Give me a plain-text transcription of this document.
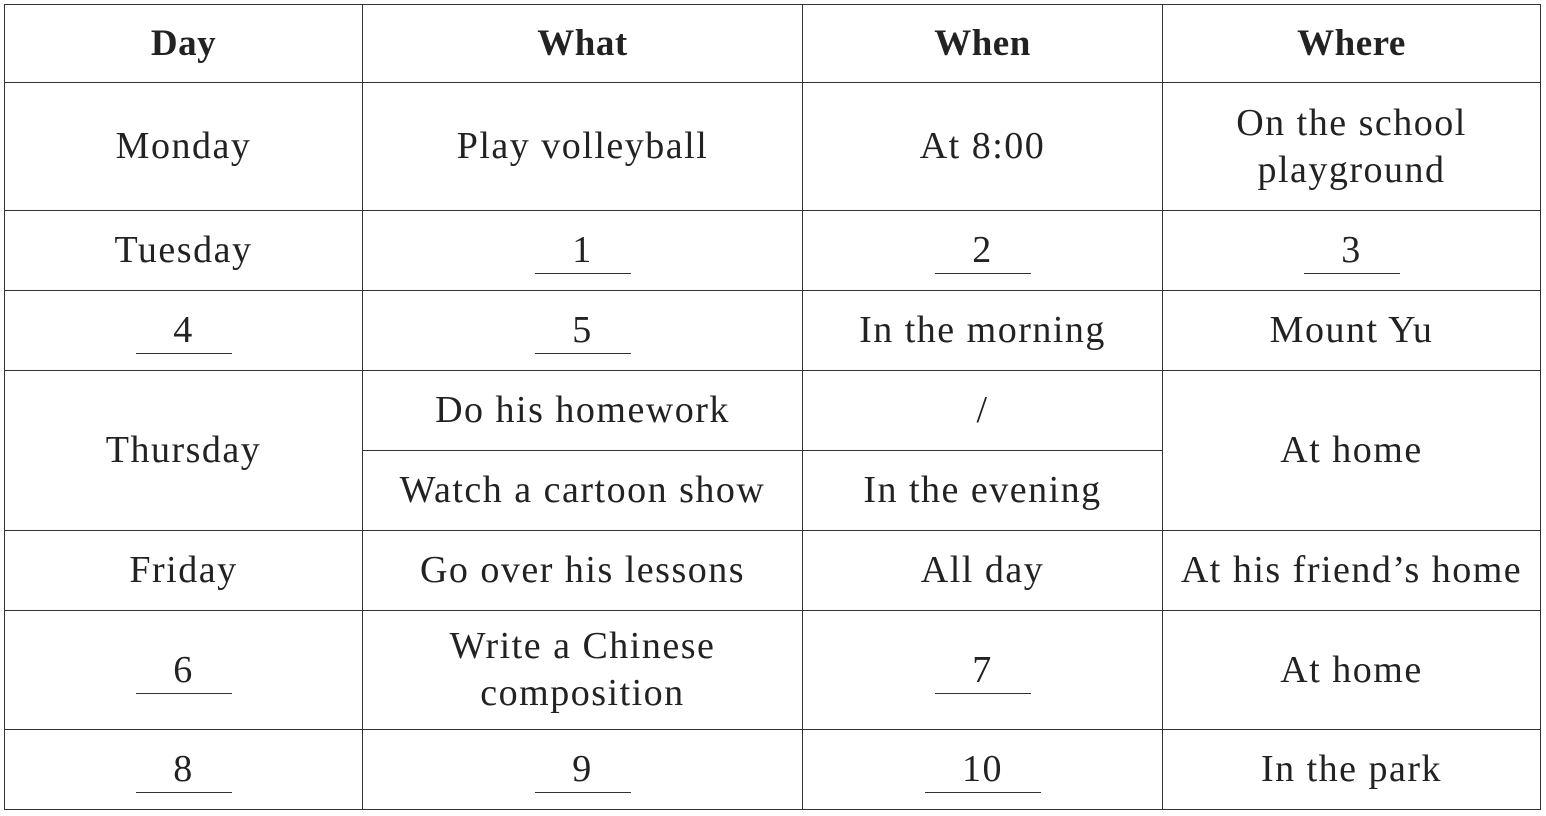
Day	What	When	Where
Monday	Play volleyball	At 8:00	On the school
playground
Tuesday	1	2	3
4	5	In the morning	Mount Yu
Thursday	Do his homework	/	At home
	Watch a cartoon show	In the evening	
Friday	Go over his lessons	All day	At his friend’s home
6	Write a Chinese
composition	7	At home
8	9	10	In the park
